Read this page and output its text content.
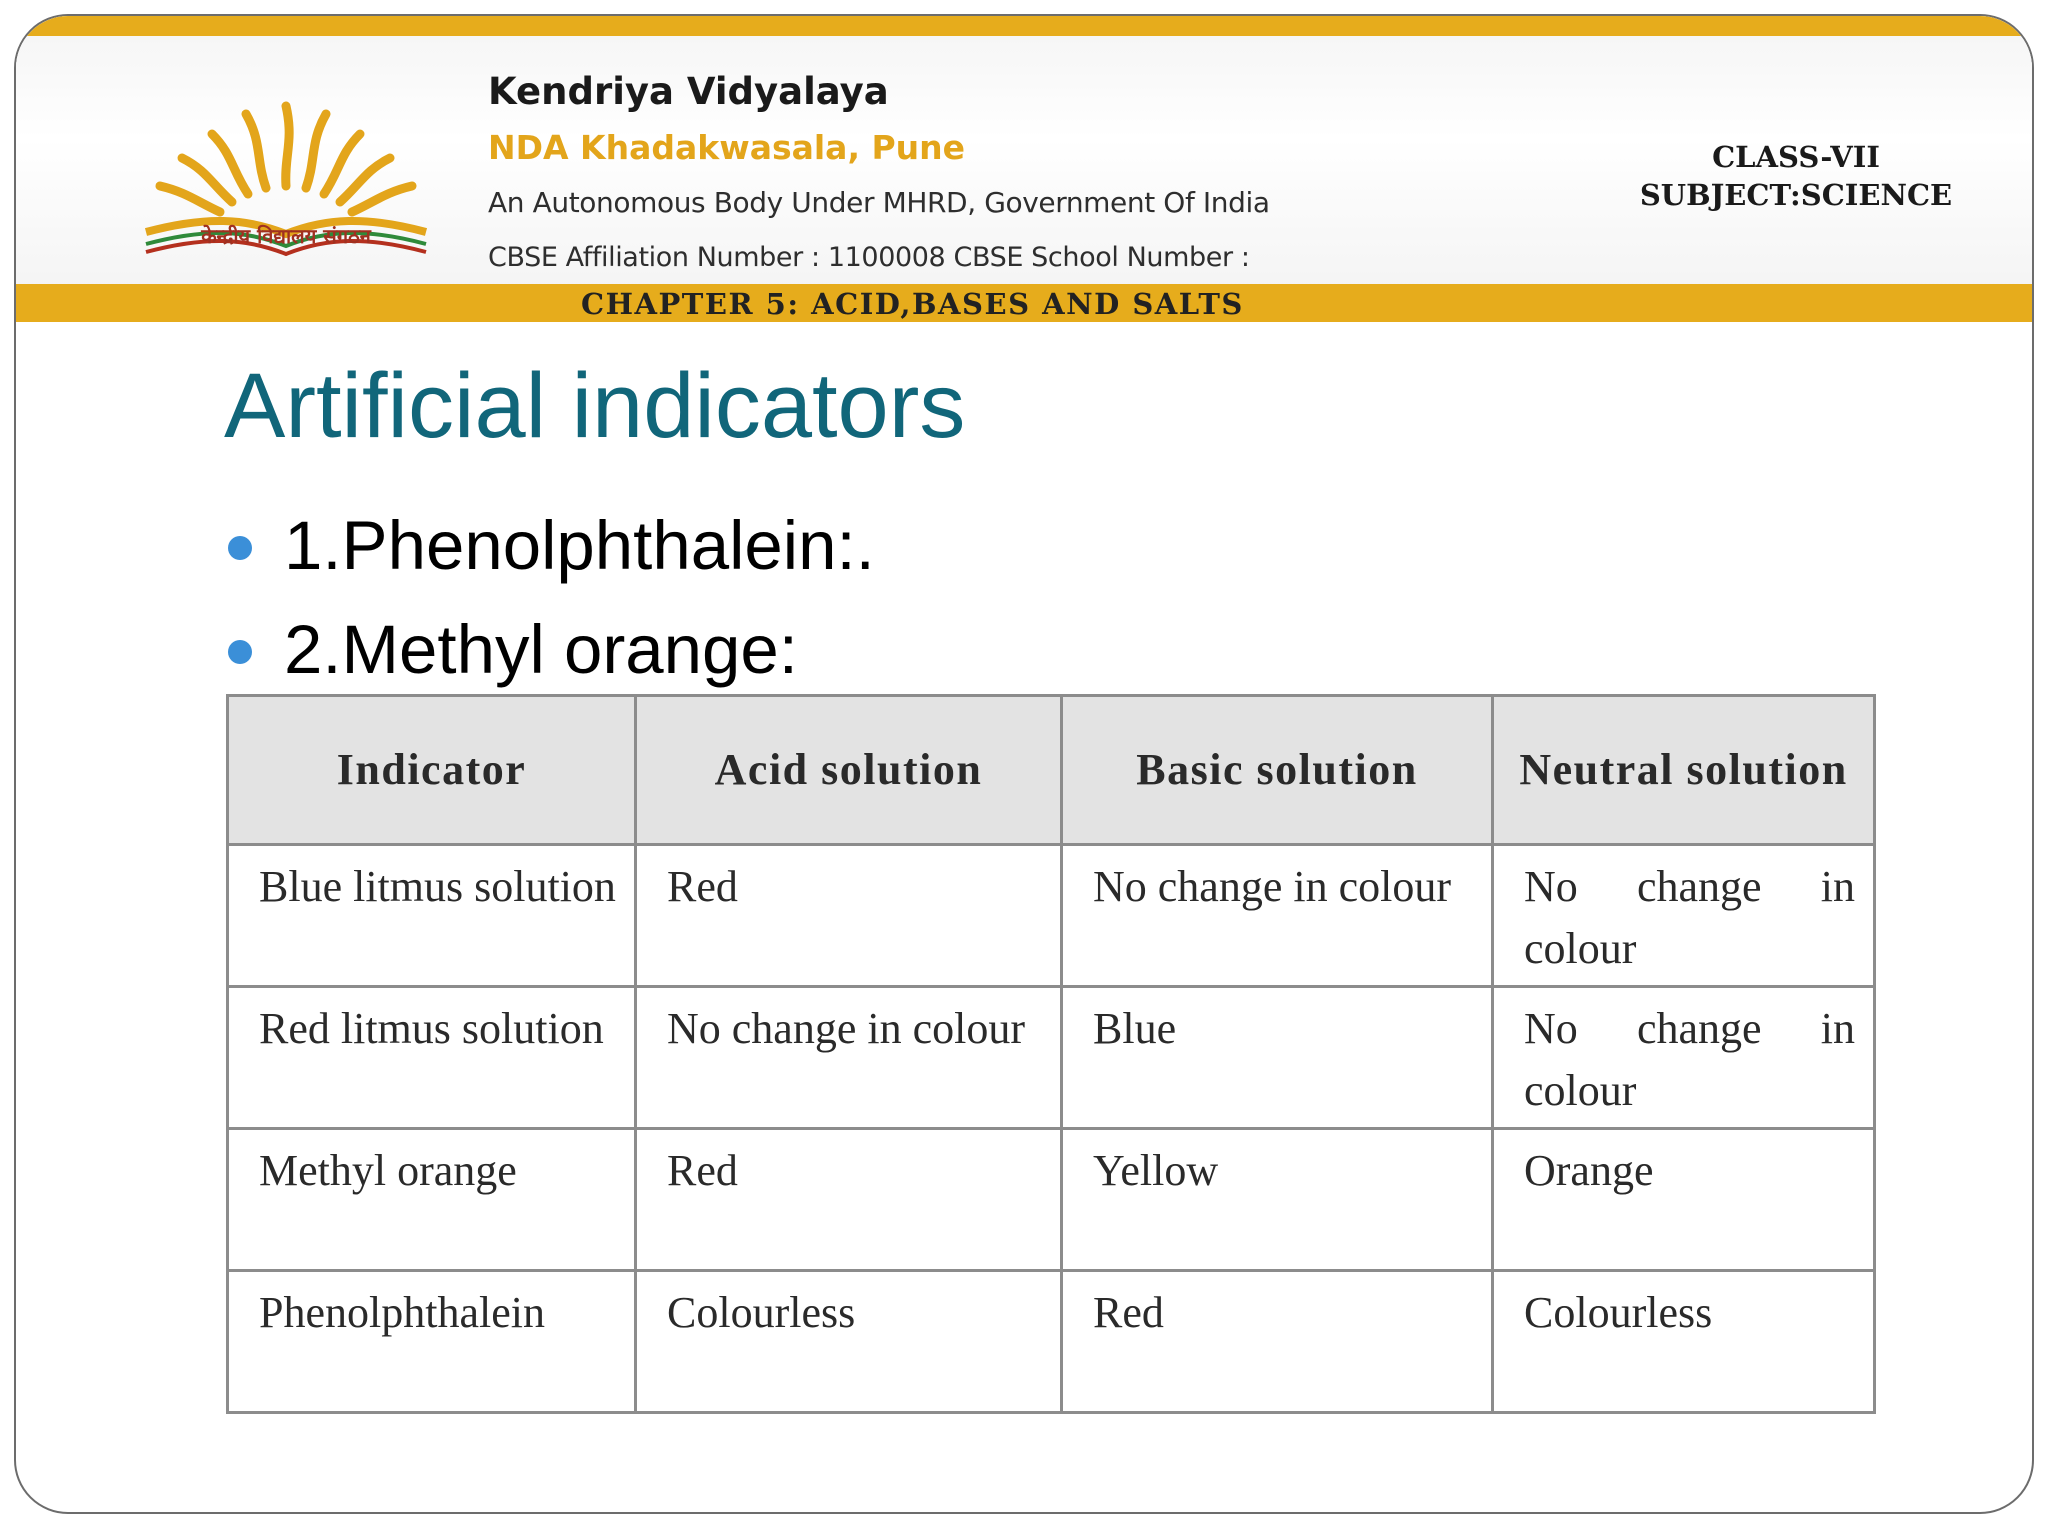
केन्द्रीय विद्यालय संगठन
Kendriya Vidyalaya
NDA Khadakwasala, Pune
An Autonomous Body Under MHRD, Government Of India
CBSE Affiliation Number : 1100008 CBSE School Number :
CLASS-VII
SUBJECT:SCIENCE
CHAPTER 5: ACID,BASES AND SALTS
Artificial indicators
1.Phenolphthalein:.
2.Methyl orange:
Indicator	Acid solution	Basic solution	Neutral solution
Blue litmus solution	Red	No change in colour	No change in colour
Red litmus solution	No change in colour	Blue	No change in colour
Methyl orange	Red	Yellow	Orange
Phenolphthalein	Colourless	Red	Colourless
